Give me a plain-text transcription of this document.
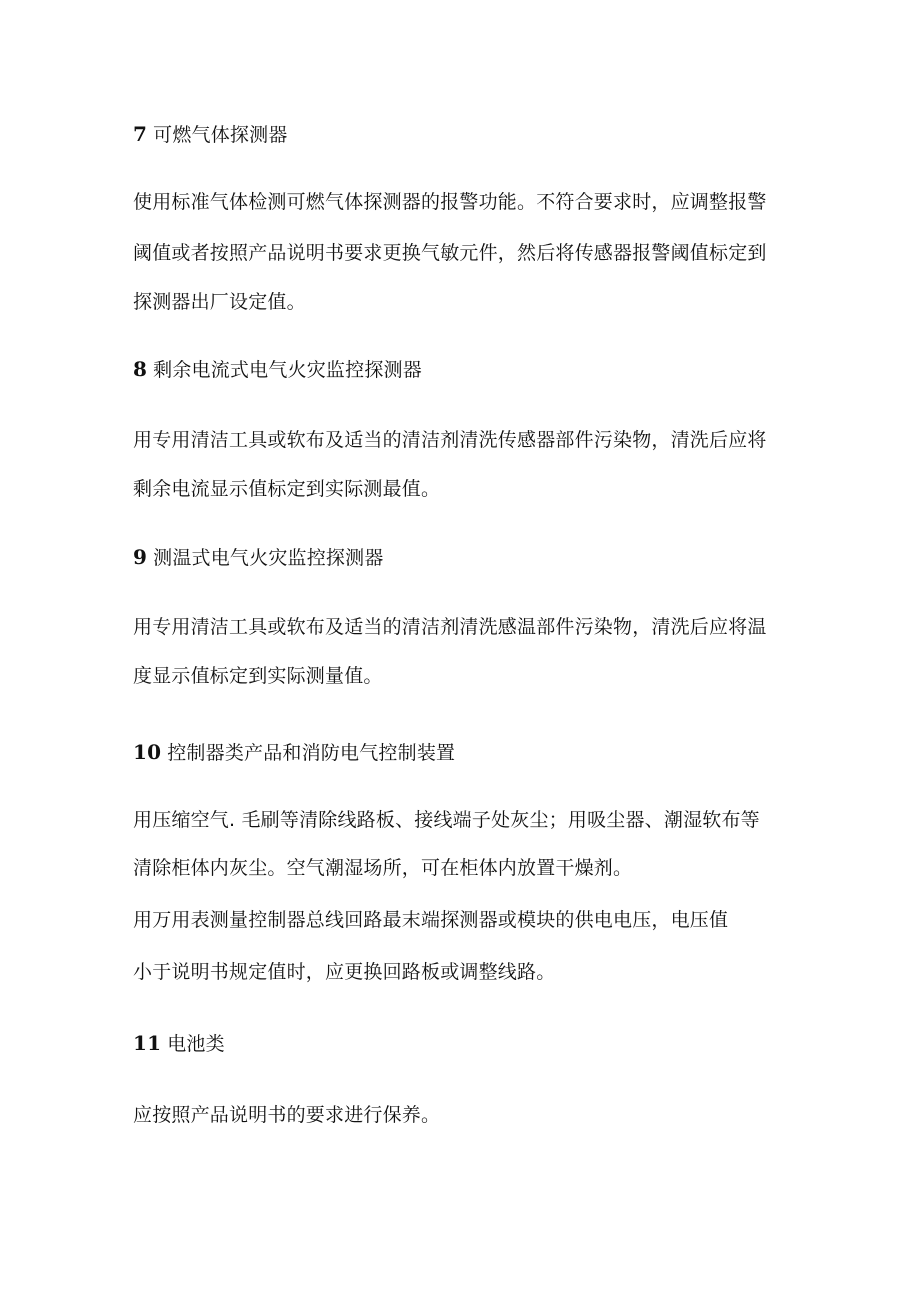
7 可燃气体探测器
使用标准气体检测可燃气体探测器的报警功能。不符合要求时，应调整报警
阈值或者按照产品说明书要求更换气敏元件，然后将传感器报警阈值标定到
探测器出厂设定值。
8 剩余电流式电气火灾监控探测器
用专用清洁工具或软布及适当的清洁剂清洗传感器部件污染物，清洗后应将
剩余电流显示值标定到实际测最值。
9 测温式电气火灾监控探测器
用专用清洁工具或软布及适当的清洁剂清洗感温部件污染物，清洗后应将温
度显示值标定到实际测量值。
10 控制器类产品和消防电气控制装置
用压缩空气. 毛刷等清除线路板、接线端子处灰尘；用吸尘器、潮湿软布等
清除柜体内灰尘。空气潮湿场所，可在柜体内放置干燥剂。
用万用表测量控制器总线回路最末端探测器或模块的供电电压，电压值
小于说明书规定值时，应更换回路板或调整线路。
11 电池类
应按照产品说明书的要求进行保养。
